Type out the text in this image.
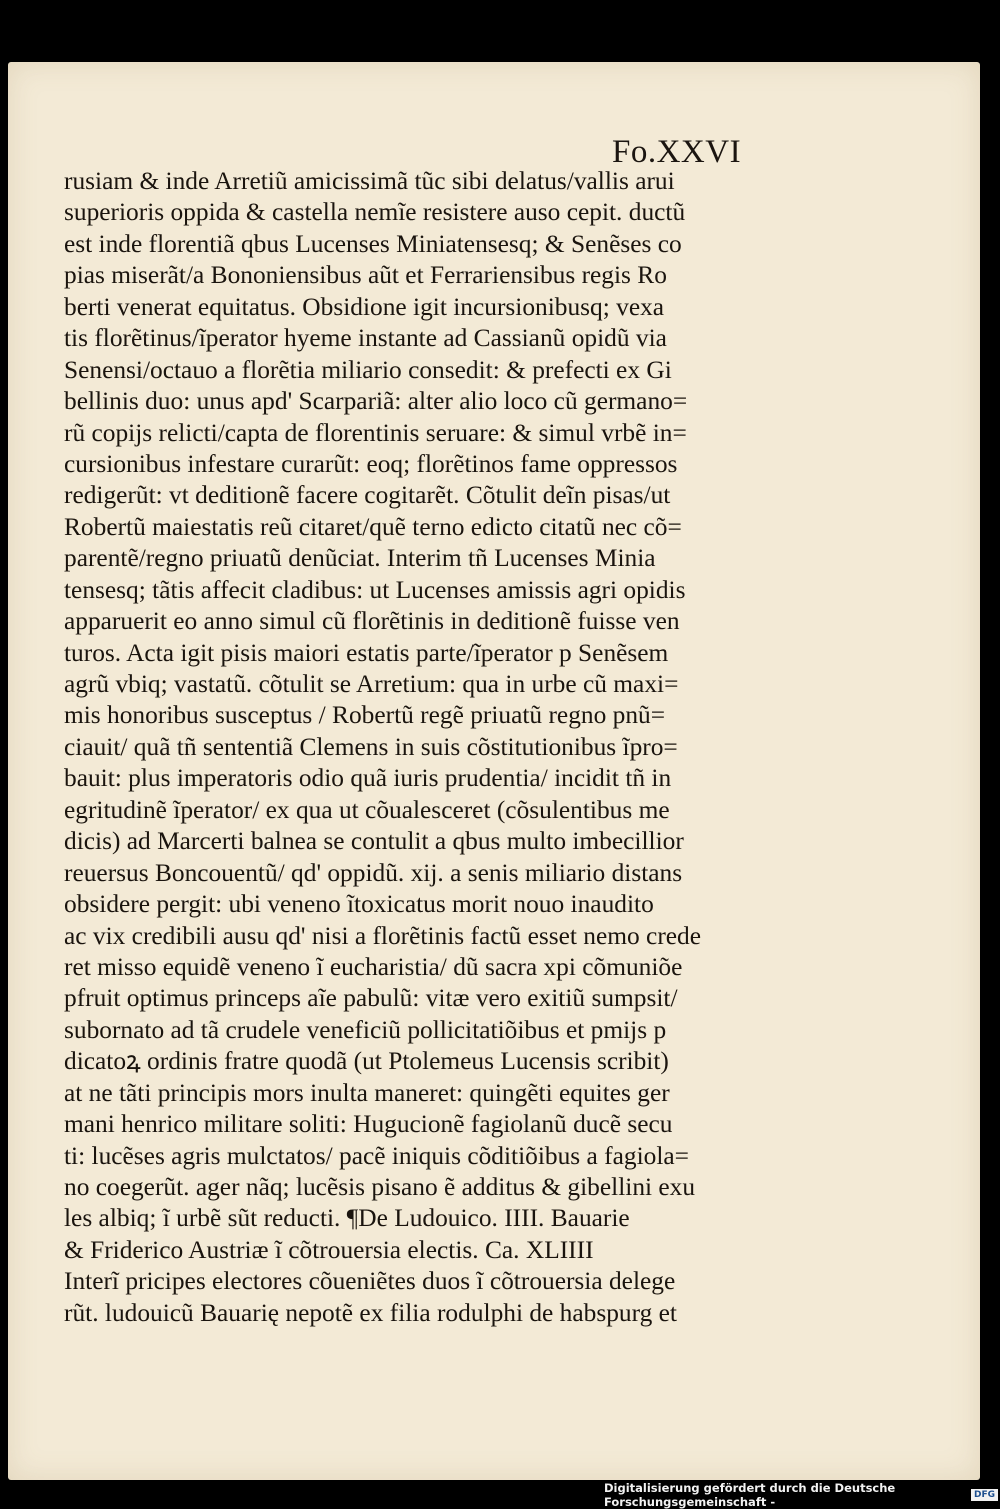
Fo.XXVI
rusiam & inde Arretiũ amicissimã tũc sibi delatus/vallis arui
superioris oppida & castella nemĩe resistere auso cepit. ductũ
est inde florentiã qbus Lucenses Miniatensesq; & Senẽses co
pias miserãt/a Bononiensibus aũt et Ferrariensibus regis Ro
berti venerat equitatus. Obsidione igit incursionibusq; vexa
tis florẽtinus/ĩperator hyeme instante ad Cassianũ opidũ via
Senensi/octauo a florẽtia miliario consedit: & prefecti ex Gi
bellinis duo: unus apd' Scarpariã: alter alio loco cũ germano=
rũ copijs relicti/capta de florentinis seruare: & simul vrbẽ in=
cursionibus infestare curarũt: eoq; florẽtinos fame oppressos
redigerũt: vt deditionẽ facere cogitarẽt. Cõtulit deĩn pisas/ut
Robertũ maiestatis reũ citaret/quẽ terno edicto citatũ nec cõ=
parentẽ/regno priuatũ denũciat. Interim tñ Lucenses Minia
tensesq; tãtis affecit cladibus: ut Lucenses amissis agri opidis
apparuerit eo anno simul cũ florẽtinis in deditionẽ fuisse ven
turos. Acta igit pisis maiori estatis parte/ĩperator p Senẽsem
agrũ vbiq; vastatũ. cõtulit se Arretium: qua in urbe cũ maxi=
mis honoribus susceptus / Robertũ regẽ priuatũ regno pnũ=
ciauit/ quã tñ sententiã Clemens in suis cõstitutionibus ĩpro=
bauit: plus imperatoris odio quã iuris prudentia/ incidit tñ in
egritudinẽ ĩperator/ ex qua ut cõualesceret (cõsulentibus me
dicis) ad Marcerti balnea se contulit a qbus multo imbecillior
reuersus Boncouentũ/ qd' oppidũ. xij. a senis miliario distans
obsidere pergit: ubi veneno ĩtoxicatus morit nouo inaudito
ac vix credibili ausu qd' nisi a florẽtinis factũ esset nemo crede
ret misso equidẽ veneno ĩ eucharistia/ dũ sacra xpi cõmuniõe
pfruit optimus princeps aĩe pabulũ: vitæ vero exitiũ sumpsit/
subornato ad tã crudele veneficiũ pollicitatiõibus et pmijs p
dicatoꝝ ordinis fratre quodã (ut Ptolemeus Lucensis scribit)
at ne tãti principis mors inulta maneret: quingẽti equites ger
mani henrico militare soliti: Hugucionẽ fagiolanũ ducẽ secu
ti: lucẽses agris mulctatos/ pacẽ iniquis cõditiõibus a fagiola=
no coegerũt. ager nãq; lucẽsis pisano ẽ additus & gibellini exu
les albiq; ĩ urbẽ sũt reducti. ¶De Ludouico. IIII. Bauarie
& Friderico Austriæ ĩ cõtrouersia electis. Ca. XLIIII
Interĩ pricipes electores cõueniẽtes duos ĩ cõtrouersia delege
rũt. ludouicũ Bauarię nepotẽ ex filia rodulphi de habspurg et
Digitalisierung gefördert durch die Deutsche Forschungsgemeinschaft -	DFG
